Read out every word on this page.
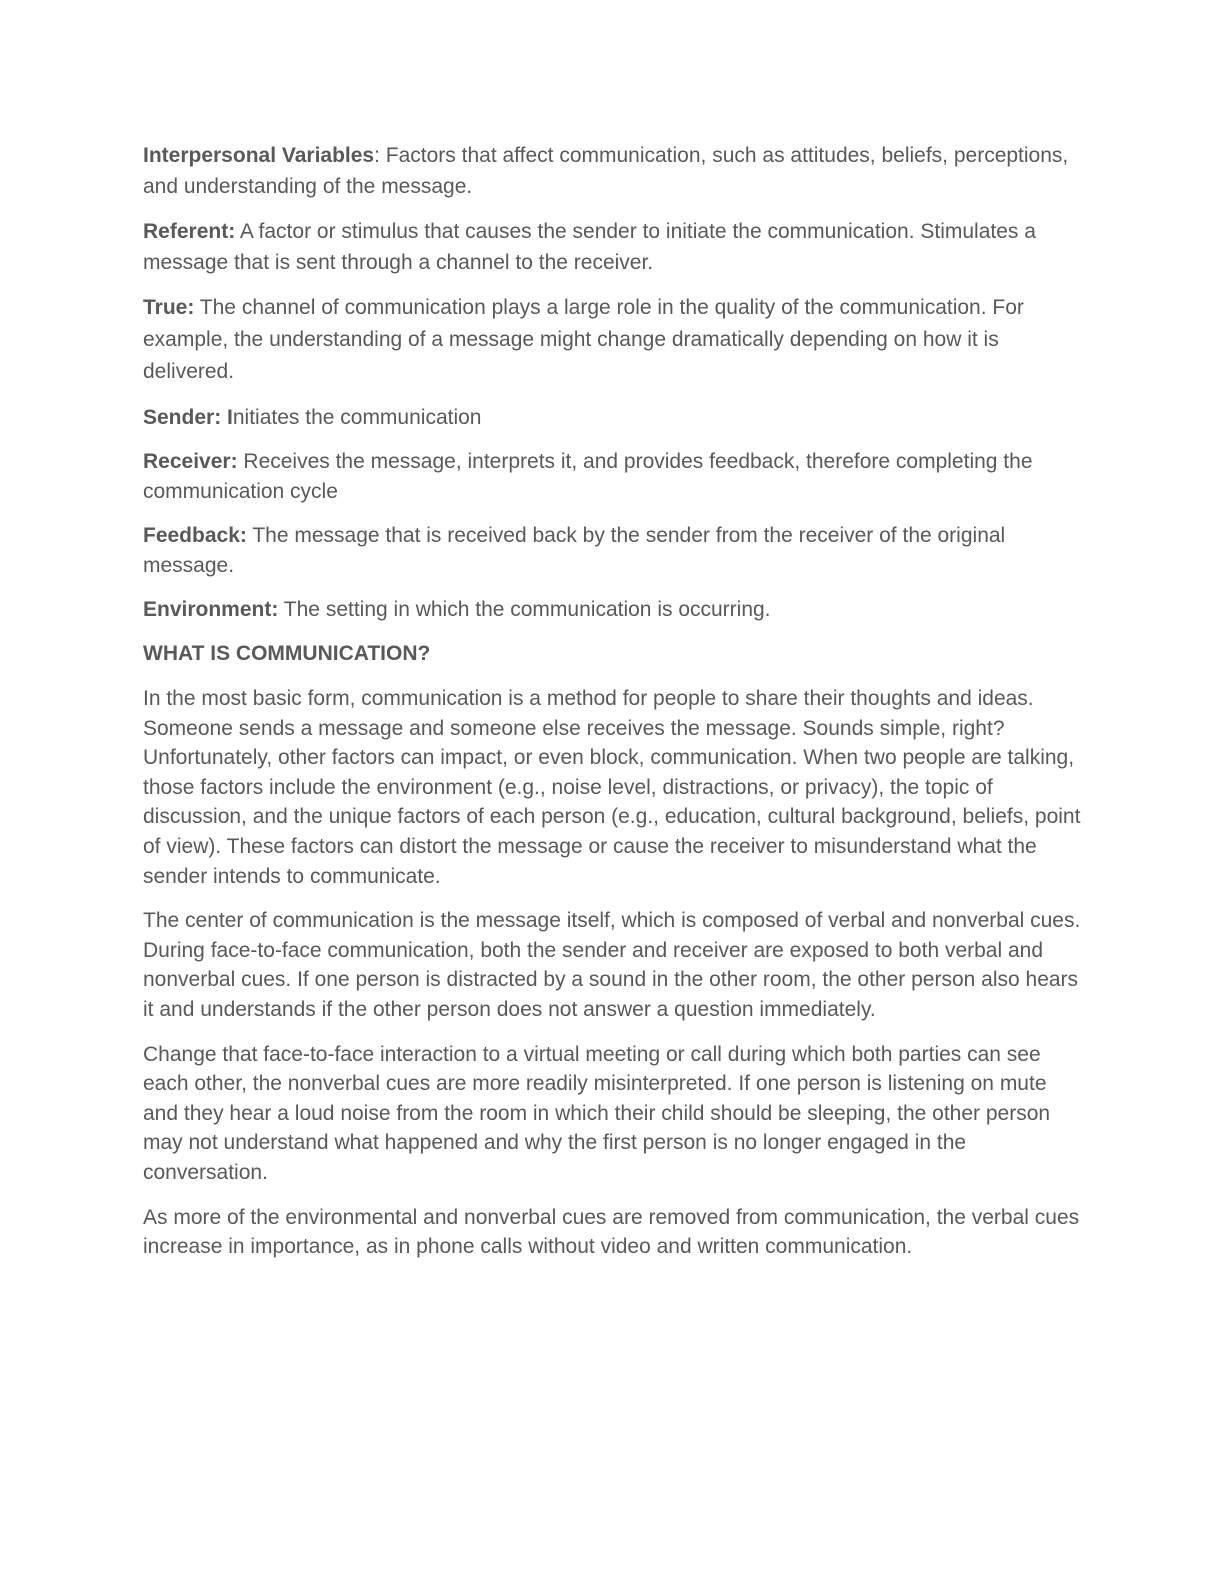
Interpersonal Variables: Factors that affect communication, such as attitudes, beliefs, perceptions, and understanding of the message.

Referent: A factor or stimulus that causes the sender to initiate the communication. Stimulates a message that is sent through a channel to the receiver.

True: The channel of communication plays a large role in the quality of the communication. For example, the understanding of a message might change dramatically depending on how it is delivered.

Sender: Initiates the communication

Receiver: Receives the message, interprets it, and provides feedback, therefore completing the communication cycle

Feedback: The message that is received back by the sender from the receiver of the original message.

Environment: The setting in which the communication is occurring.

WHAT IS COMMUNICATION?

In the most basic form, communication is a method for people to share their thoughts and ideas. Someone sends a message and someone else receives the message. Sounds simple, right? Unfortunately, other factors can impact, or even block, communication. When two people are talking, those factors include the environment (e.g., noise level, distractions, or privacy), the topic of discussion, and the unique factors of each person (e.g., education, cultural background, beliefs, point of view). These factors can distort the message or cause the receiver to misunderstand what the sender intends to communicate.

The center of communication is the message itself, which is composed of verbal and nonverbal cues. During face-to-face communication, both the sender and receiver are exposed to both verbal and nonverbal cues. If one person is distracted by a sound in the other room, the other person also hears it and understands if the other person does not answer a question immediately.

Change that face-to-face interaction to a virtual meeting or call during which both parties can see each other, the nonverbal cues are more readily misinterpreted. If one person is listening on mute and they hear a loud noise from the room in which their child should be sleeping, the other person may not understand what happened and why the first person is no longer engaged in the conversation.

As more of the environmental and nonverbal cues are removed from communication, the verbal cues increase in importance, as in phone calls without video and written communication.
